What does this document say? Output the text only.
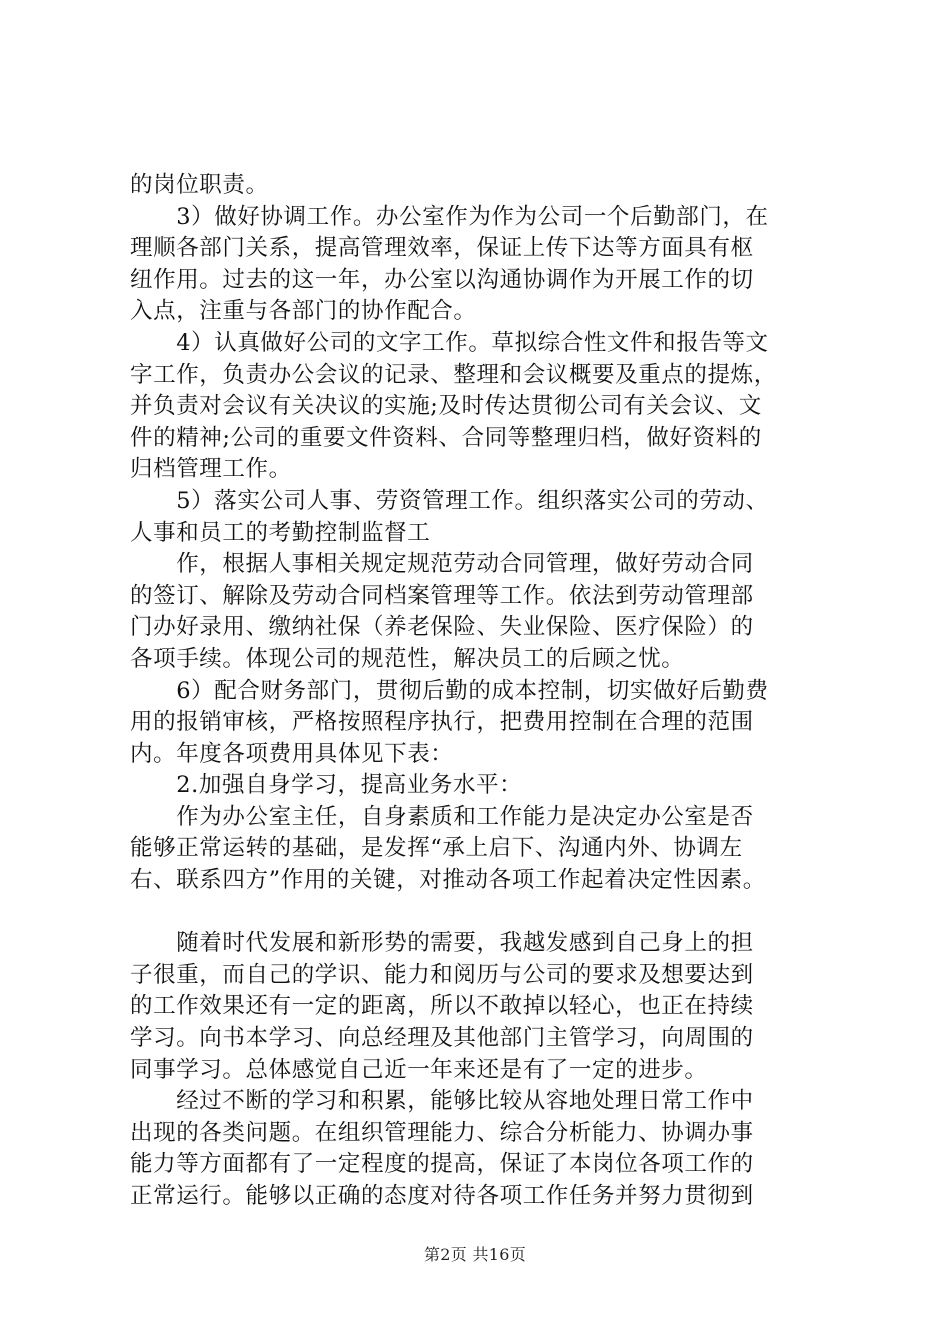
的岗位职责。
　　3）做好协调工作。办公室作为作为公司一个后勤部门，在
理顺各部门关系，提高管理效率，保证上传下达等方面具有枢
纽作用。过去的这一年，办公室以沟通协调作为开展工作的切
入点，注重与各部门的协作配合。
　　4）认真做好公司的文字工作。草拟综合性文件和报告等文
字工作，负责办公会议的记录、整理和会议概要及重点的提炼，
并负责对会议有关决议的实施;及时传达贯彻公司有关会议、文
件的精神;公司的重要文件资料、合同等整理归档，做好资料的
归档管理工作。
　　5）落实公司人事、劳资管理工作。组织落实公司的劳动、
人事和员工的考勤控制监督工
　　作，根据人事相关规定规范劳动合同管理，做好劳动合同
的签订、解除及劳动合同档案管理等工作。依法到劳动管理部
门办好录用、缴纳社保（养老保险、失业保险、医疗保险）的
各项手续。体现公司的规范性，解决员工的后顾之忧。
　　6）配合财务部门，贯彻后勤的成本控制，切实做好后勤费
用的报销审核，严格按照程序执行，把费用控制在合理的范围
内。年度各项费用具体见下表：
　　2.加强自身学习，提高业务水平：
　　作为办公室主任，自身素质和工作能力是决定办公室是否
能够正常运转的基础，是发挥“承上启下、沟通内外、协调左
右、联系四方”作用的关键，对推动各项工作起着决定性因素。
　　随着时代发展和新形势的需要，我越发感到自己身上的担
子很重，而自己的学识、能力和阅历与公司的要求及想要达到
的工作效果还有一定的距离，所以不敢掉以轻心，也正在持续
学习。向书本学习、向总经理及其他部门主管学习，向周围的
同事学习。总体感觉自己近一年来还是有了一定的进步。
　　经过不断的学习和积累，能够比较从容地处理日常工作中
出现的各类问题。在组织管理能力、综合分析能力、协调办事
能力等方面都有了一定程度的提高，保证了本岗位各项工作的
正常运行。能够以正确的态度对待各项工作任务并努力贯彻到
第2页 共16页
